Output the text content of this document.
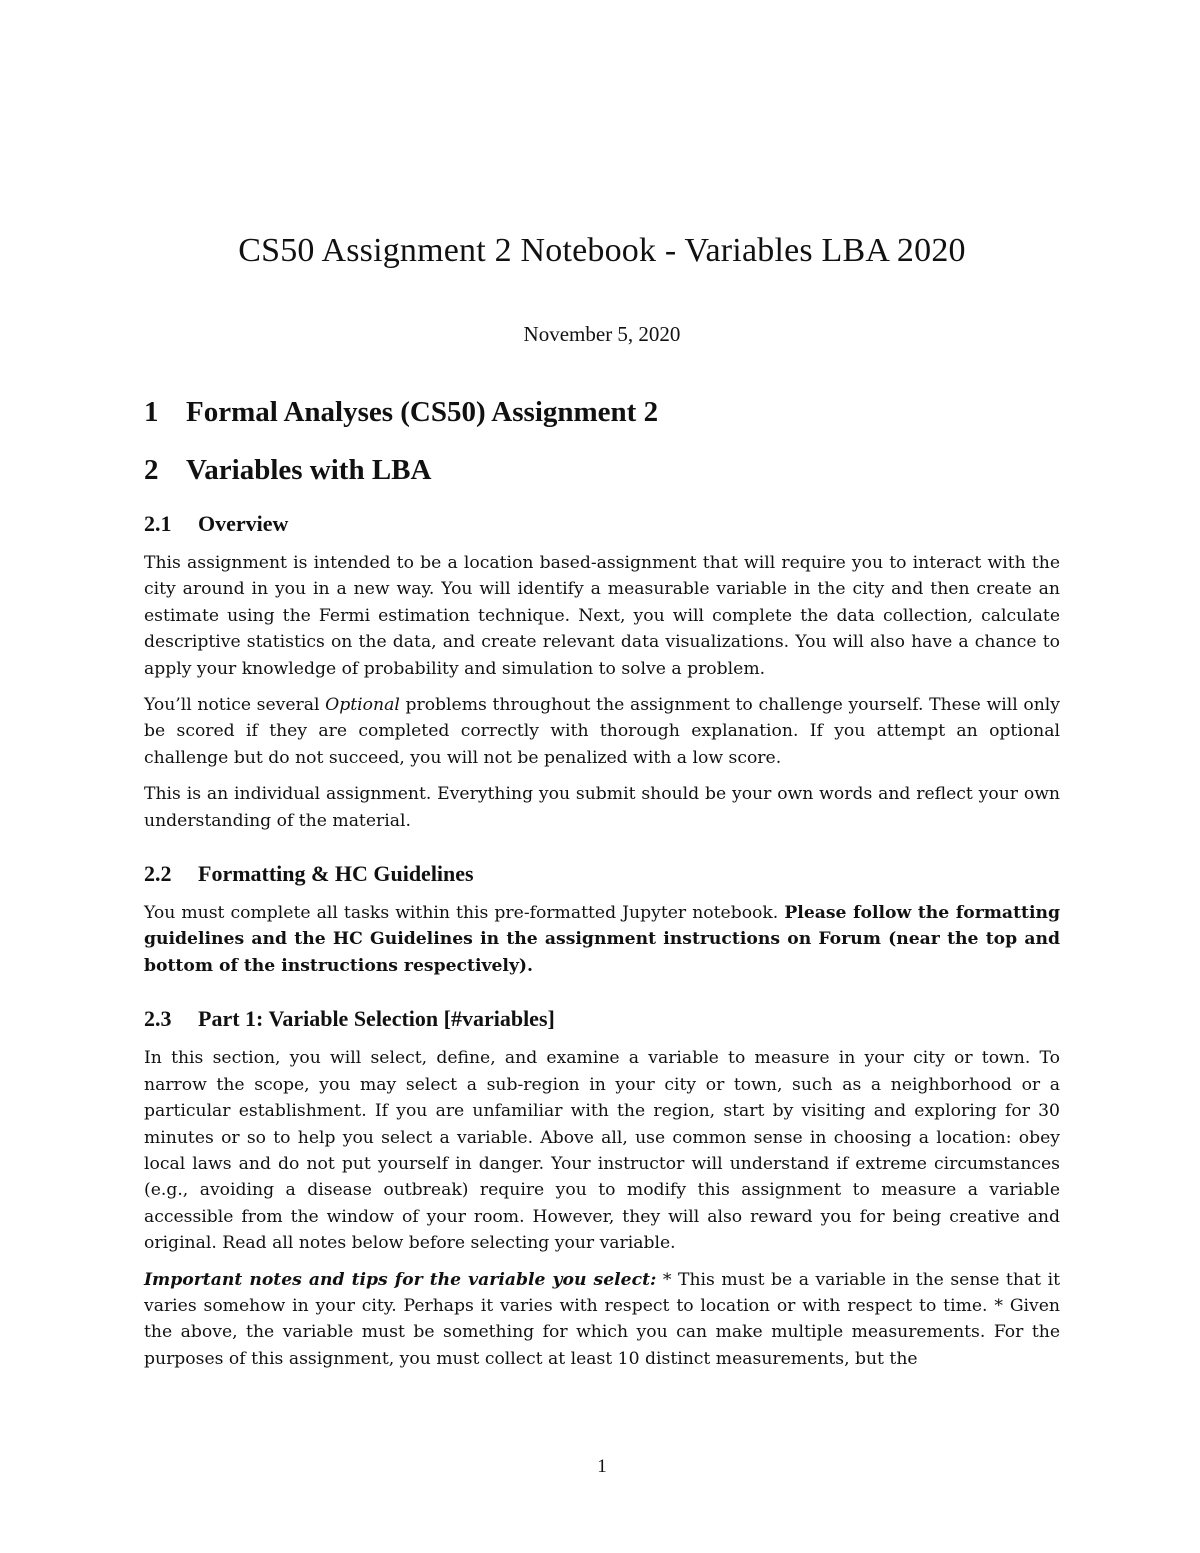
CS50 Assignment 2 Notebook - Variables LBA 2020
November 5, 2020
1 Formal Analyses (CS50) Assignment 2
2 Variables with LBA
2.1 Overview

This assignment is intended to be a location based-assignment that will require you to interact with the city around in you in a new way. You will identify a measurable variable in the city and then create an estimate using the Fermi estimation technique. Next, you will complete the data collection, calculate descriptive statistics on the data, and create relevant data visualizations. You will also have a chance to apply your knowledge of probability and simulation to solve a problem.

You’ll notice several Optional problems throughout the assignment to challenge yourself. These will only be scored if they are completed correctly with thorough explanation. If you attempt an optional challenge but do not succeed, you will not be penalized with a low score.

This is an individual assignment. Everything you submit should be your own words and reflect your own understanding of the material.

2.2 Formatting & HC Guidelines

You must complete all tasks within this pre-formatted Jupyter notebook. Please follow the formatting guidelines and the HC Guidelines in the assignment instructions on Forum (near the top and bottom of the instructions respectively).

2.3 Part 1: Variable Selection [#variables]

In this section, you will select, define, and examine a variable to measure in your city or town. To narrow the scope, you may select a sub-region in your city or town, such as a neighborhood or a particular establishment. If you are unfamiliar with the region, start by visiting and exploring for 30 minutes or so to help you select a variable. Above all, use common sense in choosing a location: obey local laws and do not put yourself in danger. Your instructor will understand if extreme circumstances (e.g., avoiding a disease outbreak) require you to modify this assignment to measure a variable accessible from the window of your room. However, they will also reward you for being creative and original. Read all notes below before selecting your variable.

Important notes and tips for the variable you select: * This must be a variable in the sense that it varies somehow in your city. Perhaps it varies with respect to location or with respect to time. * Given the above, the variable must be something for which you can make multiple measurements. For the purposes of this assignment, you must collect at least 10 distinct measurements, but the

1
